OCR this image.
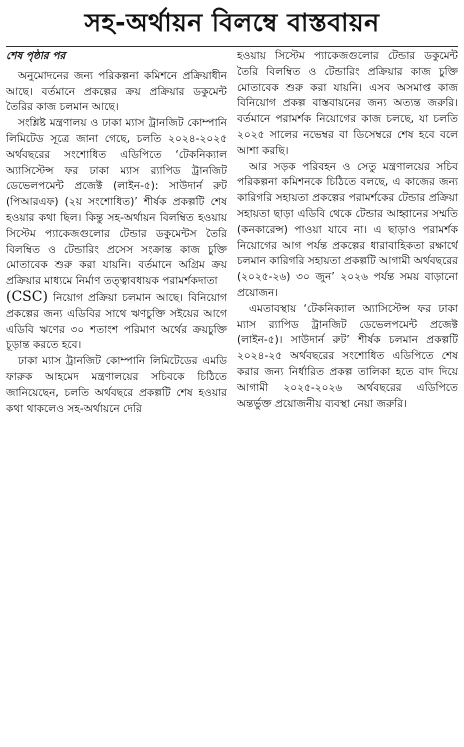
সহ-অর্থায়ন বিলম্বে বাস্তবায়ন
শেষ পৃষ্ঠার পর

অনুমোদনের জন্য পরিকল্পনা কমিশনে প্রক্রিয়াধীন আছে। বর্তমানে প্রকল্পের ক্রয় প্রক্রিয়ার ডকুমেন্ট তৈরির কাজ চলমান আছে।

সংশ্লিষ্ট মন্ত্রণালয় ও ঢাকা ম্যাস ট্রানজিট কোম্পানি লিমিটেড সূত্রে জানা গেছে, চলতি ২০২৪-২০২৫ অর্থবছরের সংশোধিত এডিপিতে ‘টেকনিক্যাল অ্যাসিস্টেন্স ফর ঢাকা ম্যাস র‌্যাপিড ট্রানজিট ডেভেলপমেন্ট প্রজেক্ট (লাইন-৫): সাউদার্ন রুট (পিআরএফ) (২য় সংশোধিত)’ শীর্ষক প্রকল্পটি শেষ হওয়ার কথা ছিল। কিন্তু সহ-অর্থায়ন বিলম্বিত হওয়ায় সিস্টেম প্যাকেজগুলোর টেন্ডার ডকুমেন্টস তৈরি বিলম্বিত ও টেন্ডারিং প্রসেস সংক্রান্ত কাজ চুক্তি মোতাবেক শুরু করা যায়নি। বর্তমানে অগ্রিম ক্রয় প্রক্রিয়ার মাধ্যমে নির্মাণ তত্ত্বাবধায়ক পরামর্শকদাতা

(CSC) নিয়োগ প্রক্রিয়া চলমান আছে। বিনিয়োগ প্রকল্পের জন্য এডিবির সাথে ঋণচুক্তি সইয়ের আগে এডিবি ঋণের ৩০ শতাংশ পরিমাণ অর্থের ক্রয়চুক্তি চূড়ান্ত করতে হবে।

ঢাকা ম্যাস ট্রানজিট কোম্পানি লিমিটেডের এমডি ফারুক আহমেদ মন্ত্রণালয়ের সচিবকে চিঠিতে জানিয়েছেন, চলতি অর্থবছরে প্রকল্পটি শেষ হওয়ার কথা থাকলেও সহ-অর্থায়নে দেরি

হওয়ায় সিস্টেম প্যাকেজগুলোর টেন্ডার ডকুমেন্ট তৈরি বিলম্বিত ও টেন্ডারিং প্রক্রিয়ার কাজ চুক্তি মোতাবেক শুরু করা যায়নি। এসব অসমাপ্ত কাজ বিনিয়োগ প্রকল্প বাস্তবায়নের জন্য অত্যন্ত জরুরি। বর্তমানে পরামর্শক নিয়োগের কাজ চলছে, যা চলতি ২০২৫ সালের নভেম্বর বা ডিসেম্বরে শেষ হবে বলে আশা করছি।

আর সড়ক পরিবহন ও সেতু মন্ত্রণালয়ের সচিব পরিকল্পনা কমিশনকে চিঠিতে বলছে, এ কাজের জন্য কারিগরি সহায়তা প্রকল্পের পরামর্শকের টেন্ডার প্রক্রিয়া সহায়তা ছাড়া এডিবি থেকে টেন্ডার আহ্বানের সম্মতি (কনকারেন্স) পাওয়া যাবে না। এ ছাড়াও পরামর্শক নিয়োগের আগ পর্যন্ত প্রকল্পের ধারাবাহিকতা রক্ষার্থে চলমান কারিগরি সহায়তা প্রকল্পটি আগামী অর্থবছরের (২০২৫-২৬) ৩০ জুন’ ২০২৬ পর্যন্ত সময় বাড়ানো প্রয়োজন।

এমতাবস্থায় ‘টেকনিক্যাল অ্যাসিস্টেন্স ফর ঢাকা ম্যাস র‌্যাপিড ট্রানজিট ডেভেলপমেন্ট প্রজেক্ট (লাইন-৫)। সাউদার্ন রুট’ শীর্ষক চলমান প্রকল্পটি ২০২৪-২৫ অর্থবছরের সংশোধিত এডিপিতে শেষ করার জন্য নির্ধারিত প্রকল্প তালিকা হতে বাদ দিয়ে আগামী ২০২৫-২০২৬ অর্থবছরের এডিপিতে অন্তর্ভুক্ত প্রয়োজনীয় ব্যবস্থা নেয়া জরুরি।
